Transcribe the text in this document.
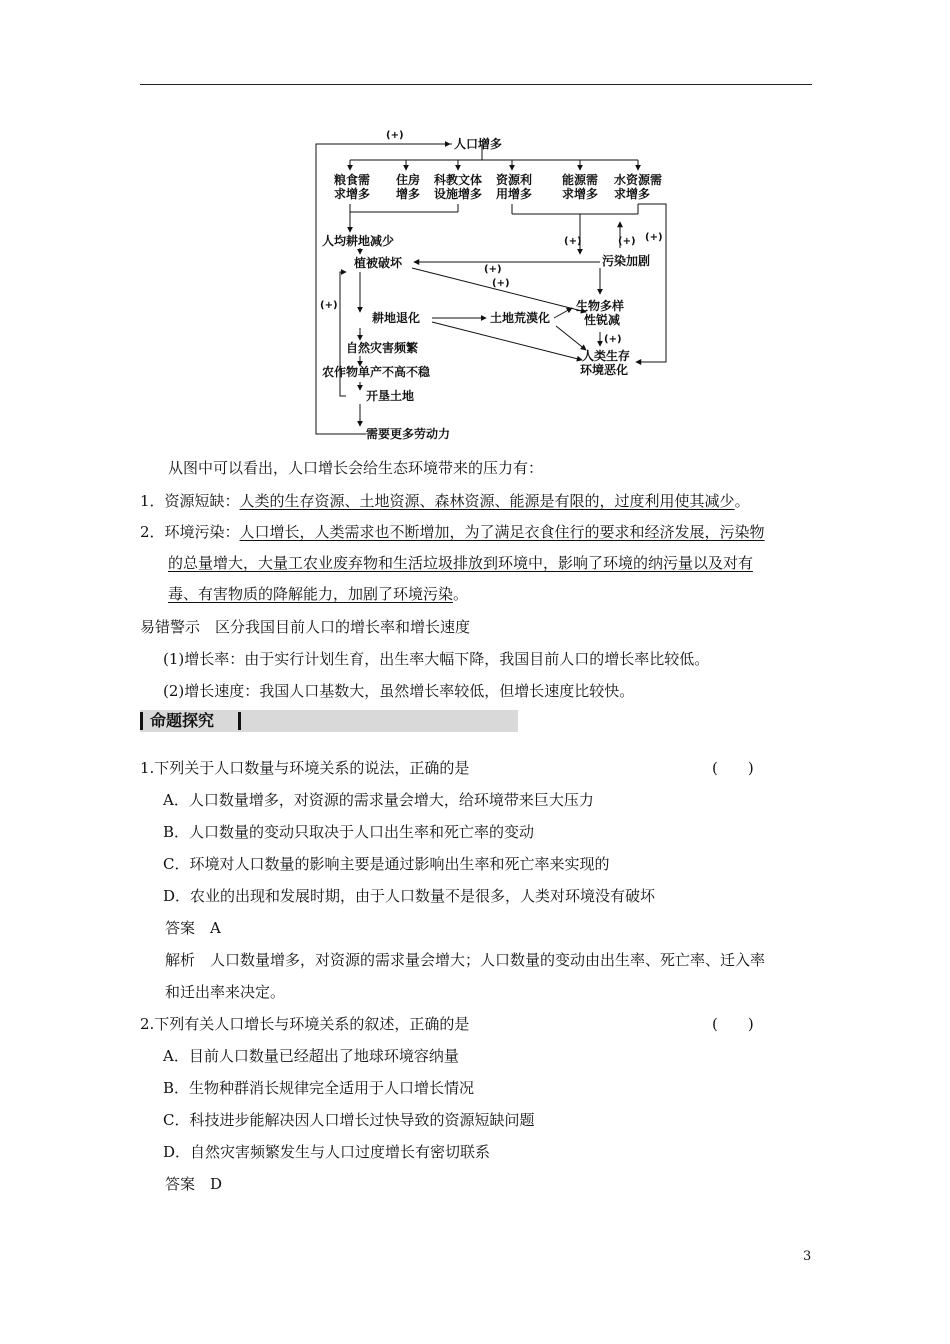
人口增多
(+)
粮食需
求增多
住房
增多
科教文体
设施增多
资源利
用增多
能源需
求增多
水资源需
求增多
人均耕地减少
植被破坏	污染加剧
耕地退化	土地荒漠化
生物多样
性锐减
自然灾害频繁
人类生存
环境恶化
农作物单产不高不稳
开垦土地
需要更多劳动力
(+)	(+) (+)
(+)
(+)
(+)
(+)
从图中可以看出，人口增长会给生态环境带来的压力有：
1．资源短缺：人类的生存资源、土地资源、森林资源、能源是有限的，过度利用使其减少。
2．环境污染：人口增长，人类需求也不断增加，为了满足衣食住行的要求和经济发展，污染物
的总量增大，大量工农业废弃物和生活垃圾排放到环境中，影响了环境的纳污量以及对有
毒、有害物质的降解能力，加剧了环境污染。
易错警示　区分我国目前人口的增长率和增长速度
(1)增长率：由于实行计划生育，出生率大幅下降，我国目前人口的增长率比较低。
(2)增长速度：我国人口基数大，虽然增长率较低，但增长速度比较快。
命题探究
1.下列关于人口数量与环境关系的说法，正确的是	(　　)
A．人口数量增多，对资源的需求量会增大，给环境带来巨大压力
B．人口数量的变动只取决于人口出生率和死亡率的变动
C．环境对人口数量的影响主要是通过影响出生率和死亡率来实现的
D．农业的出现和发展时期，由于人口数量不是很多，人类对环境没有破坏
答案　A
解析　人口数量增多，对资源的需求量会增大；人口数量的变动由出生率、死亡率、迁入率
和迁出率来决定。
2.下列有关人口增长与环境关系的叙述，正确的是	(　　)
A．目前人口数量已经超出了地球环境容纳量
B．生物种群消长规律完全适用于人口增长情况
C．科技进步能解决因人口增长过快导致的资源短缺问题
D．自然灾害频繁发生与人口过度增长有密切联系
答案　D
3
